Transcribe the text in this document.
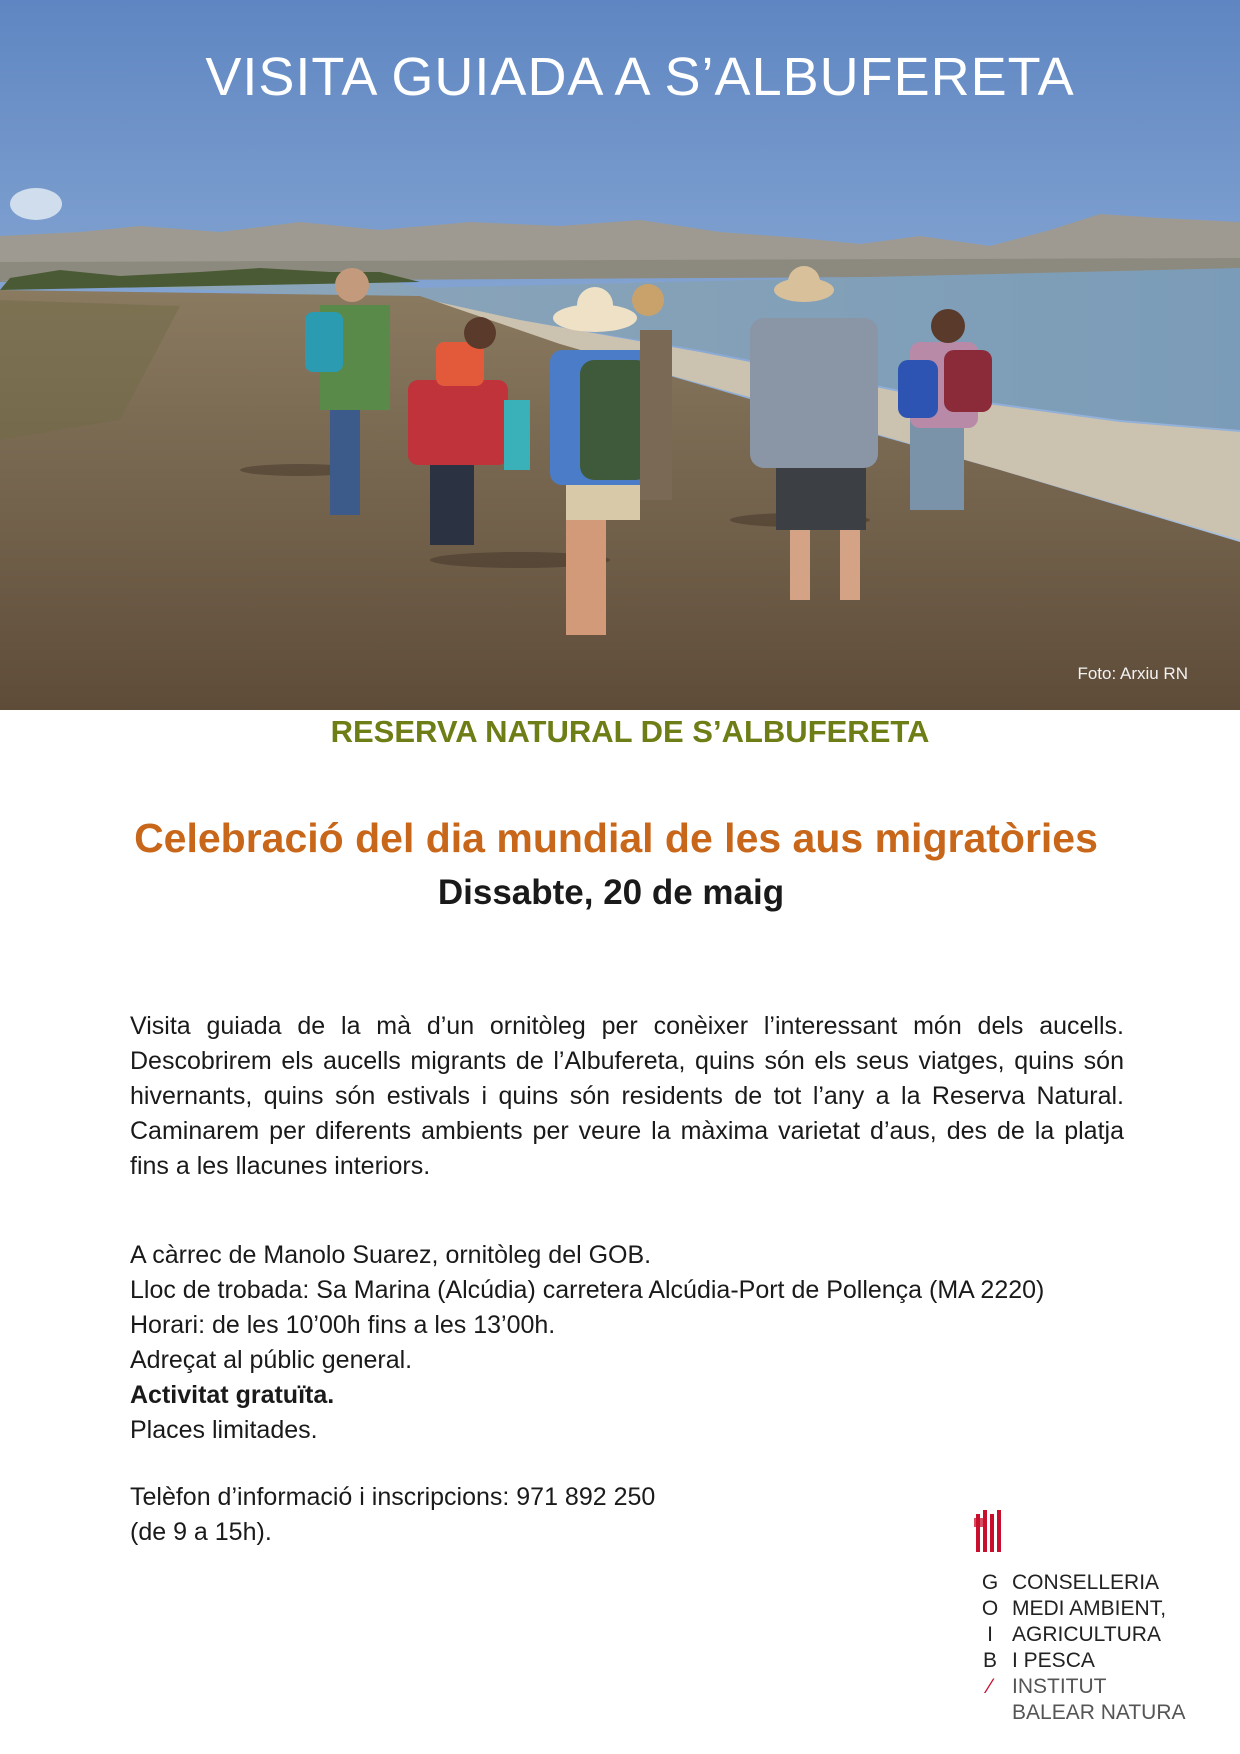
VISITA GUIADA A S’ALBUFERETA
Foto: Arxiu RN
RESERVA NATURAL DE S’ALBUFERETA
Celebració del dia mundial de les aus migratòries
Dissabte, 20 de maig

Visita guiada de la mà d’un ornitòleg per conèixer l’interessant món dels aucells. Descobrirem els aucells migrants de l’Albufereta, quins són els seus viatges, quins són hivernants, quins són estivals i quins són residents de tot l’any a la Reserva Natural. Caminarem per diferents ambients per veure la màxima varietat d’aus, des de la platja fins a les llacunes interiors.

A càrrec de Manolo Suarez, ornitòleg del GOB.
Lloc de trobada: Sa Marina (Alcúdia) carretera Alcúdia-Port de Pollença (MA 2220)
Horari: de les 10’00h fins a les 13’00h.
Adreçat al públic general.
Activitat gratuïta.
Places limitades.
Telèfon d’informació i inscripcions: 971 892 250
(de 9 a 15h).
G
O
I
B
⁄
CONSELLERIA
MEDI AMBIENT,
AGRICULTURA
I PESCA
INSTITUT
BALEAR NATURA
